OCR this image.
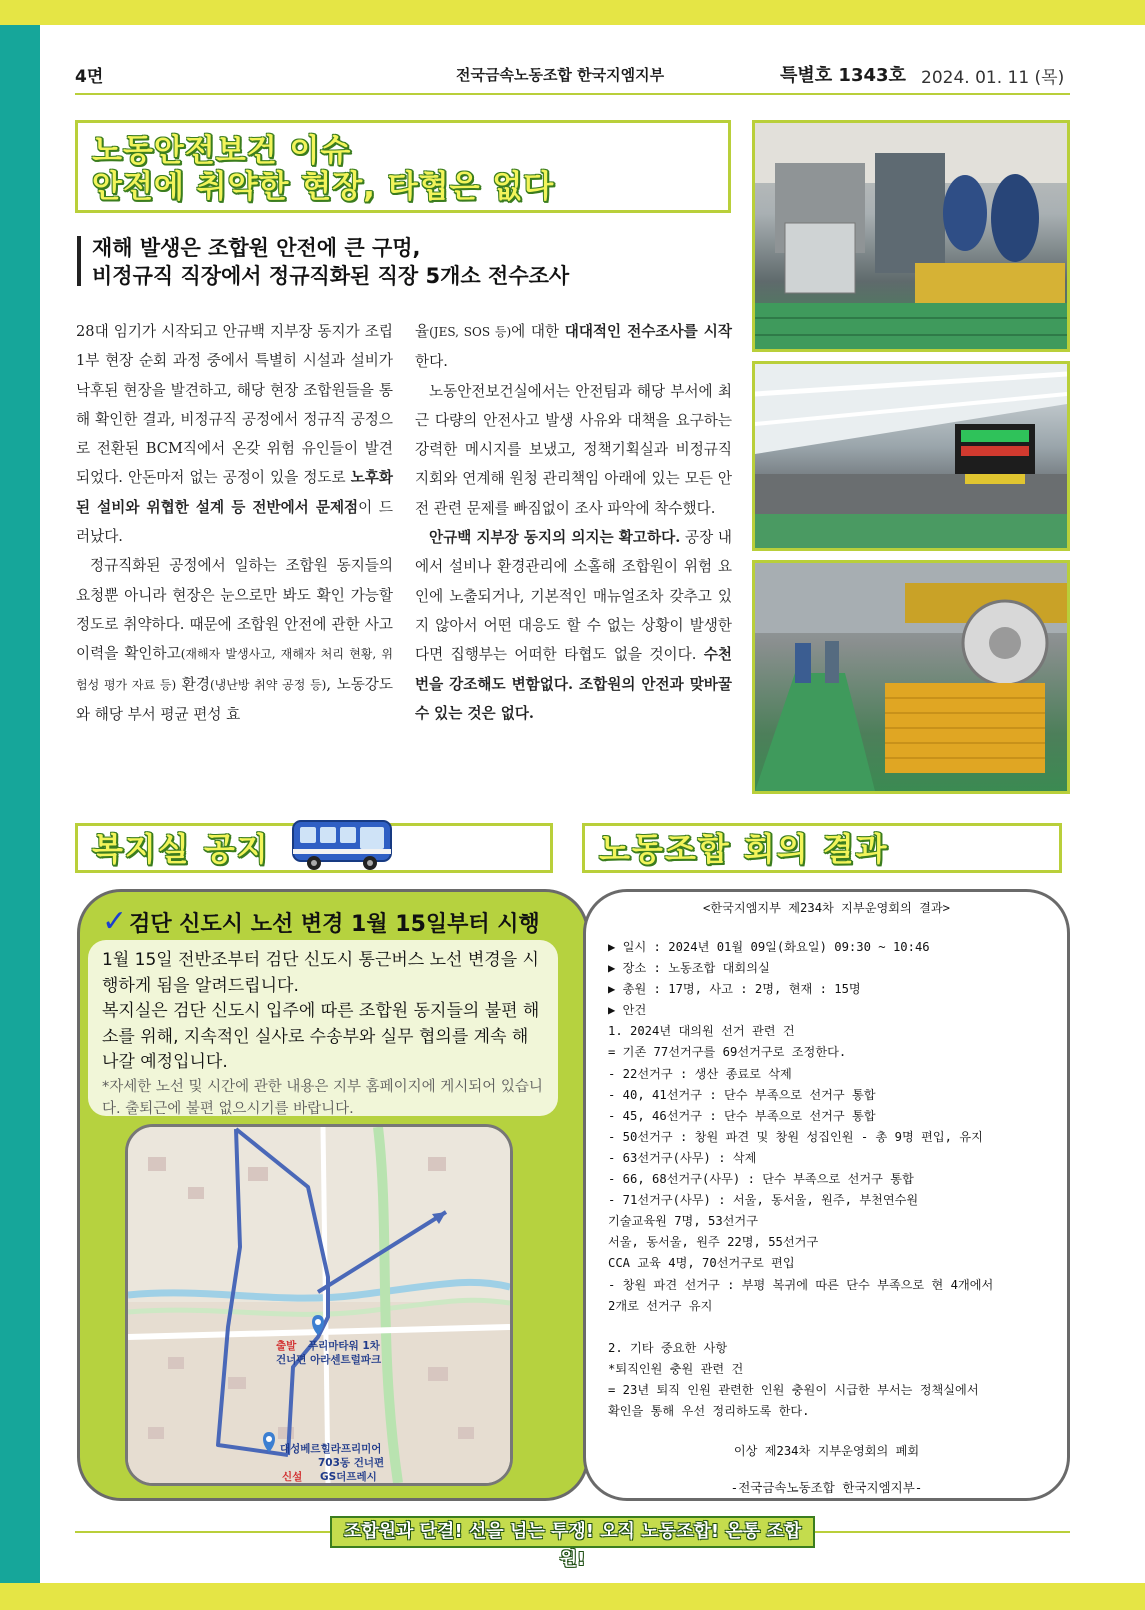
4면	전국금속노동조합 한국지엠지부	특별호 1343호 2024. 01. 11 (목)
노동안전보건 이슈
안전에 취약한 현장, 타협은 없다
재해 발생은 조합원 안전에 큰 구멍,
비정규직 직장에서 정규직화된 직장 5개소 전수조사

28대 임기가 시작되고 안규백 지부장 동지가 조립 1부 현장 순회 과정 중에서 특별히 시설과 설비가 낙후된 현장을 발견하고, 해당 현장 조합원들을 통해 확인한 결과, 비정규직 공정에서 정규직 공정으로 전환된 BCM직에서 온갖 위험 유인들이 발견되었다. 안돈마저 없는 공정이 있을 정도로 노후화된 설비와 위협한 설계 등 전반에서 문제점이 드러났다.

정규직화된 공정에서 일하는 조합원 동지들의 요청뿐 아니라 현장은 눈으로만 봐도 확인 가능할 정도로 취약하다. 때문에 조합원 안전에 관한 사고 이력을 확인하고(재해자 발생사고, 재해자 처리 현황, 위험성 평가 자료 등) 환경(냉난방 취약 공정 등), 노동강도와 해당 부서 평균 편성 효

율(JES, SOS 등)에 대한 대대적인 전수조사를 시작한다.

노동안전보건실에서는 안전팀과 해당 부서에 최근 다량의 안전사고 발생 사유와 대책을 요구하는 강력한 메시지를 보냈고, 정책기획실과 비정규직 지회와 연계해 원청 관리책임 아래에 있는 모든 안전 관련 문제를 빠짐없이 조사 파악에 착수했다.

안규백 지부장 동지의 의지는 확고하다. 공장 내에서 설비나 환경관리에 소홀해 조합원이 위험 요인에 노출되거나, 기본적인 매뉴얼조차 갖추고 있지 않아서 어떤 대응도 할 수 없는 상황이 발생한다면 집행부는 어떠한 타협도 없을 것이다. 수천 번을 강조해도 변함없다. 조합원의 안전과 맞바꿀 수 있는 것은 없다.

복지실 공지	노동조합 회의 결과
✓검단 신도시 노선 변경 1월 15일부터 시행

1월 15일 전반조부터 검단 신도시 통근버스 노선 변경을 시행하게 됨을 알려드립니다.

복지실은 검단 신도시 입주에 따른 조합원 동지들의 불편 해소를 위해, 지속적인 실사로 수송부와 실무 협의를 계속 해나갈 예정입니다.

*자세한 노선 및 시간에 관한 내용은 지부 홈페이지에 게시되어 있습니다. 출퇴근에 불편 없으시기를 바랍니다.

출발 푸리마타워 1차
건너편 아라센트럴파크
대성베르힐라프리미어
703동 건너편
신설 GS더프레시
<한국지엠지부 제234차 지부운영회의 결과>
▶ 일시 : 2024년 01월 09일(화요일) 09:30 ~ 10:46
▶ 장소 : 노동조합 대회의실
▶ 총원 : 17명, 사고 : 2명, 현재 : 15명
▶ 안건
1. 2024년 대의원 선거 관련 건
= 기존 77선거구를 69선거구로 조정한다.
- 22선거구 : 생산 종료로 삭제
- 40, 41선거구 : 단수 부족으로 선거구 통합
- 45, 46선거구 : 단수 부족으로 선거구 통합
- 50선거구 : 창원 파견 및 창원 성집인원 - 총 9명 편입, 유지
- 63선거구(사무) : 삭제
- 66, 68선거구(사무) : 단수 부족으로 선거구 통합
- 71선거구(사무) : 서울, 동서울, 원주, 부천연수원
기술교육원 7명, 53선거구
서울, 동서울, 원주 22명, 55선거구
CCA 교육 4명, 70선거구로 편입
- 창원 파견 선거구 : 부평 복귀에 따른 단수 부족으로 현 4개에서
2개로 선거구 유지

2. 기타 중요한 사항
*퇴직인원 충원 관련 건
= 23년 퇴직 인원 관련한 인원 충원이 시급한 부서는 정책실에서
확인을 통해 우선 정리하도록 한다.
이상 제234차 지부운영회의 폐회
-전국금속노동조합 한국지엠지부-
조합원과 단결! 선을 넘는 투쟁! 오직 노동조합! 온통 조합원!
